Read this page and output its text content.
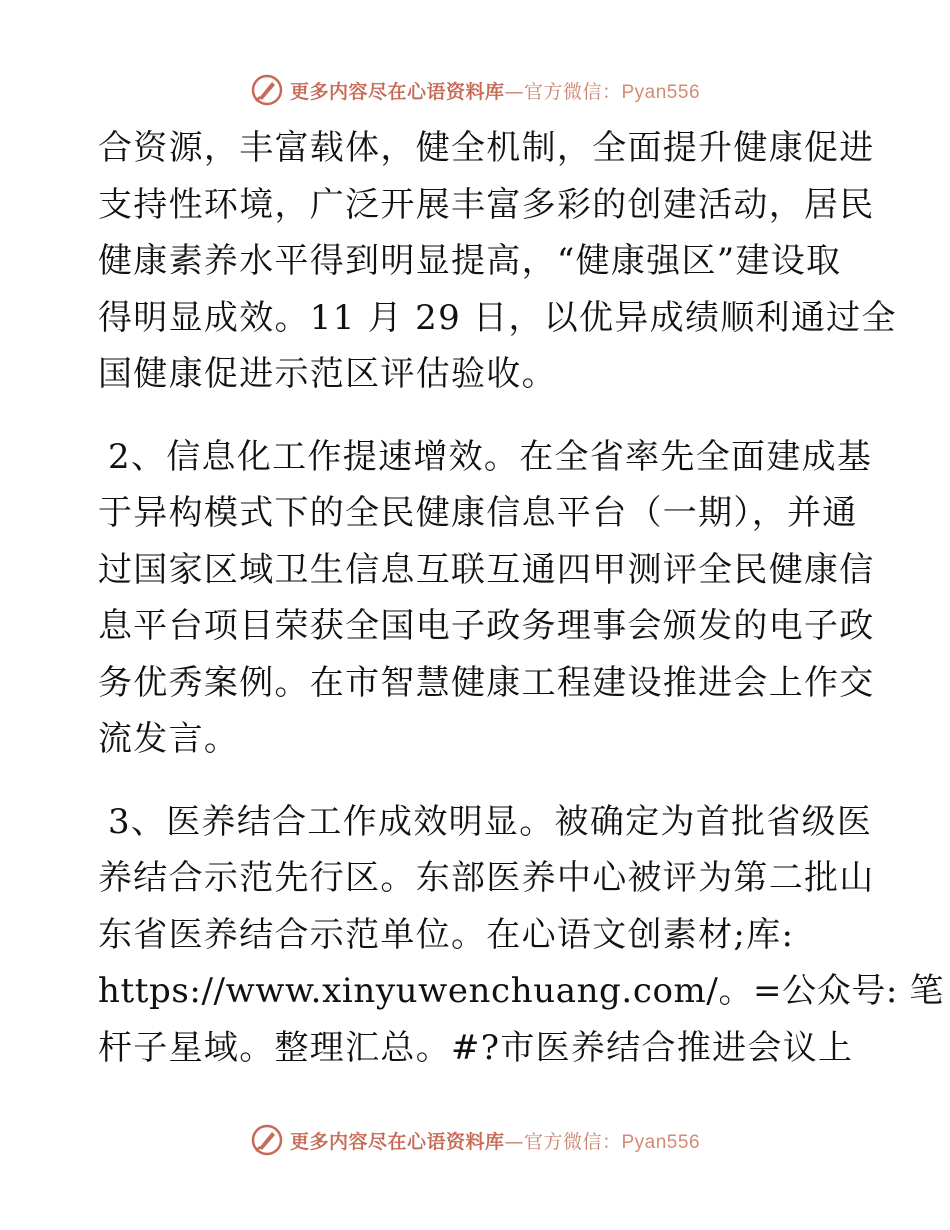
更多内容尽在心语资料库—官方微信：Pyan556
合资源，丰富载体，健全机制，全面提升健康促进
支持性环境，广泛开展丰富多彩的创建活动，居民
健康素养水平得到明显提高，“健康强区”建设取
得明显成效。11 月 29 日，以优异成绩顺利通过全
国健康促进示范区评估验收。
2、信息化工作提速增效。在全省率先全面建成基
于异构模式下的全民健康信息平台（一期），并通
过国家区域卫生信息互联互通四甲测评全民健康信
息平台项目荣获全国电子政务理事会颁发的电子政
务优秀案例。在市智慧健康工程建设推进会上作交
流发言。
3、医养结合工作成效明显。被确定为首批省级医
养结合示范先行区。东部医养中心被评为第二批山
东省医养结合示范单位。在心语文创素材;库:
https://www.xinyuwenchuang.com/。=公众号: 笔
杆子星域。整理汇总。#?市医养结合推进会议上
更多内容尽在心语资料库—官方微信：Pyan556
